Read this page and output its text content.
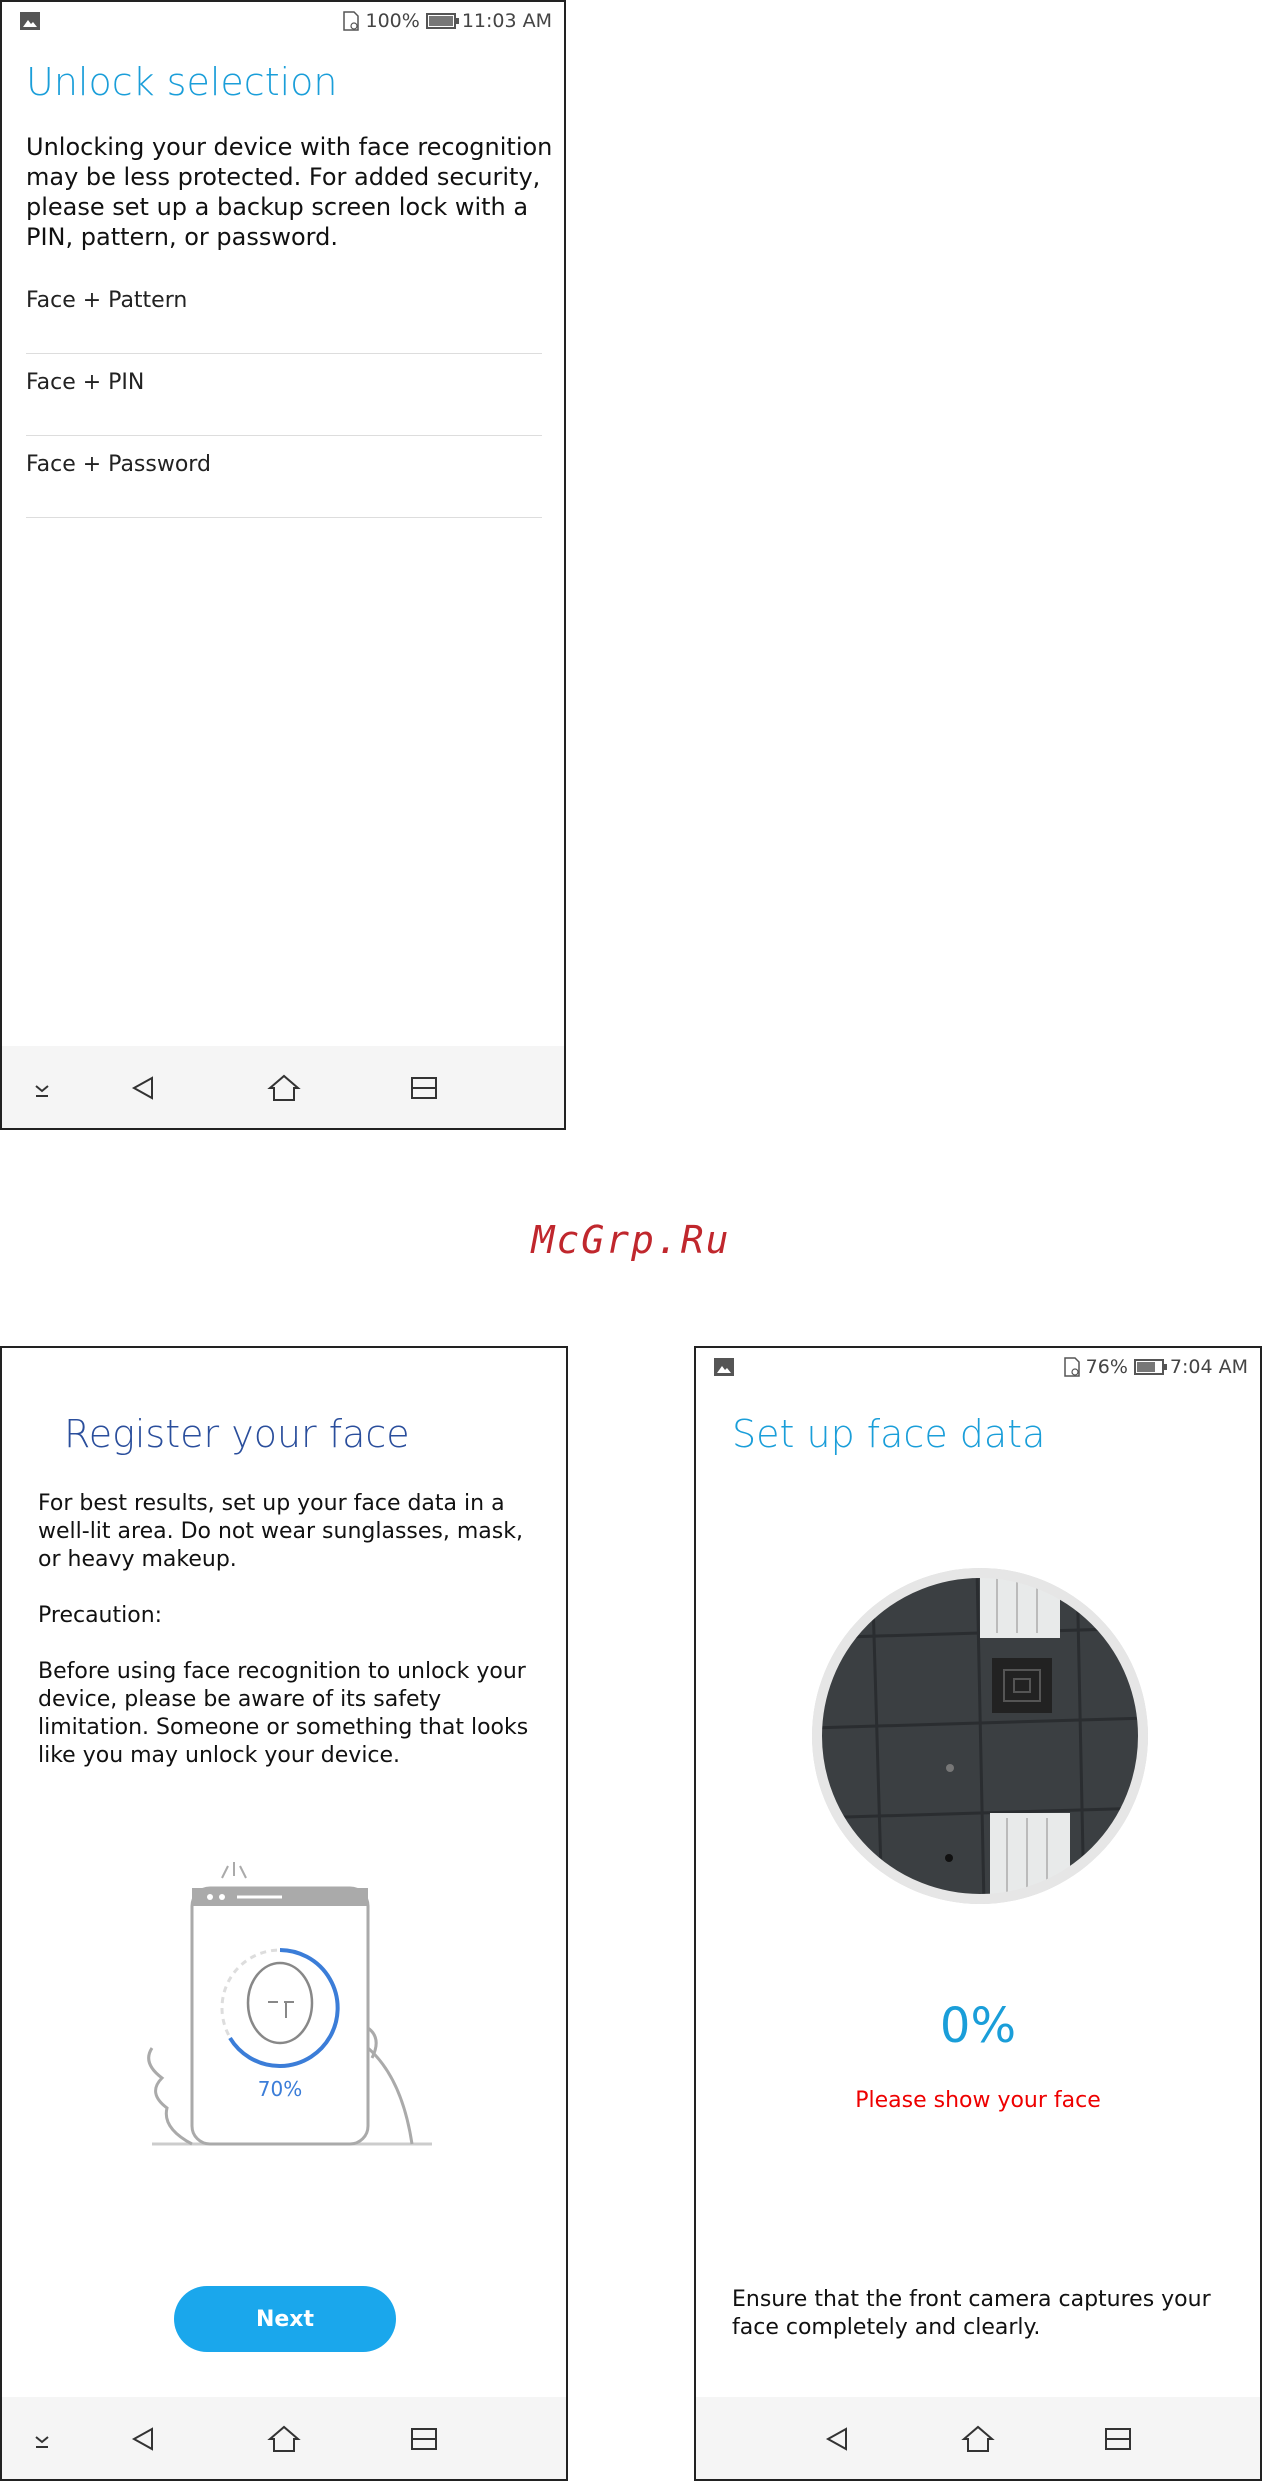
100% 11:03 AM
Unlock selection

Unlocking your device with face recognition may be less protected. For added security, please set up a backup screen lock with a PIN, pattern, or password.

Face + Pattern
Face + PIN
Face + Password
McGrp.Ru
Register your face

For best results, set up your face data in a well-lit area. Do not wear sunglasses, mask, or heavy makeup.

Precaution:

Before using face recognition to unlock your device, please be aware of its safety limitation. Someone or something that looks like you may unlock your device.

70%
Next
76% 7:04 AM
Set up face data
0%
Please show your face

Ensure that the front camera captures your face completely and clearly.
